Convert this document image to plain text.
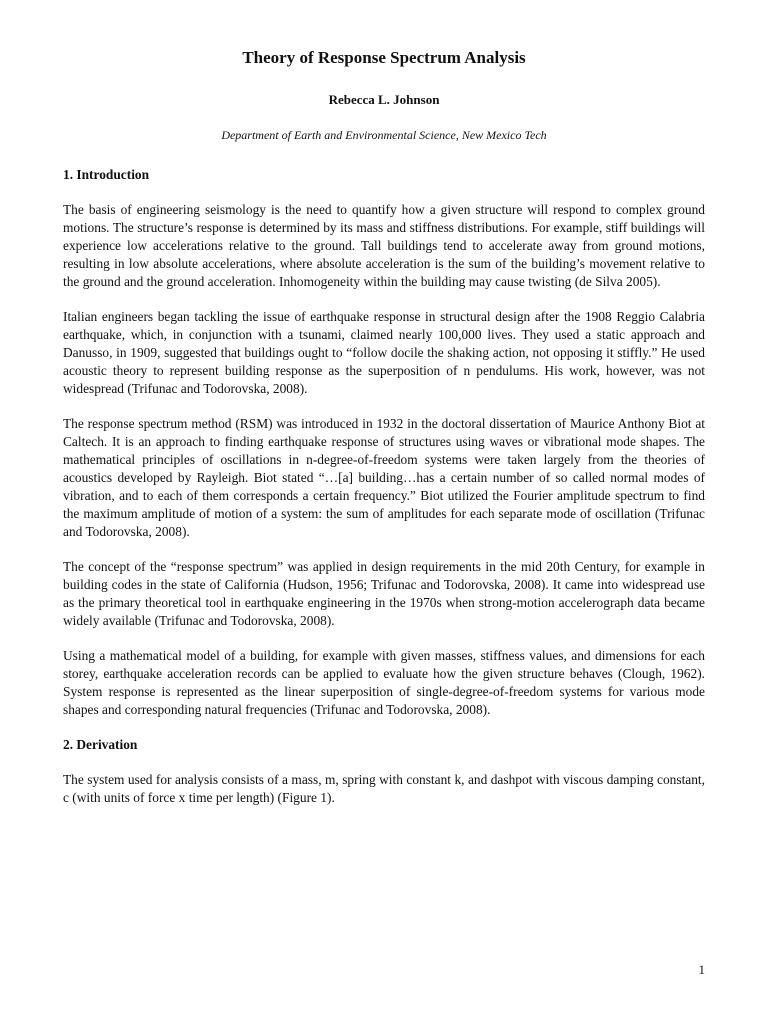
Theory of Response Spectrum Analysis
Rebecca L. Johnson
Department of Earth and Environmental Science, New Mexico Tech
1. Introduction

The basis of engineering seismology is the need to quantify how a given structure will respond to complex ground motions. The structure’s response is determined by its mass and stiffness distributions. For example, stiff buildings will experience low accelerations relative to the ground. Tall buildings tend to accelerate away from ground motions, resulting in low absolute accelerations, where absolute acceleration is the sum of the building’s movement relative to the ground and the ground acceleration. Inhomogeneity within the building may cause twisting (de Silva 2005).

Italian engineers began tackling the issue of earthquake response in structural design after the 1908 Reggio Calabria earthquake, which, in conjunction with a tsunami, claimed nearly 100,000 lives. They used a static approach and Danusso, in 1909, suggested that buildings ought to “follow docile the shaking action, not opposing it stiffly.” He used acoustic theory to represent building response as the superposition of n pendulums. His work, however, was not widespread (Trifunac and Todorovska, 2008).

The response spectrum method (RSM) was introduced in 1932 in the doctoral dissertation of Maurice Anthony Biot at Caltech. It is an approach to finding earthquake response of structures using waves or vibrational mode shapes. The mathematical principles of oscillations in n-degree-of-freedom systems were taken largely from the theories of acoustics developed by Rayleigh. Biot stated “…[a] building…has a certain number of so called normal modes of vibration, and to each of them corresponds a certain frequency.” Biot utilized the Fourier amplitude spectrum to find the maximum amplitude of motion of a system: the sum of amplitudes for each separate mode of oscillation (Trifunac and Todorovska, 2008).

The concept of the “response spectrum” was applied in design requirements in the mid 20th Century, for example in building codes in the state of California (Hudson, 1956; Trifunac and Todorovska, 2008). It came into widespread use as the primary theoretical tool in earthquake engineering in the 1970s when strong-motion accelerograph data became widely available (Trifunac and Todorovska, 2008).

Using a mathematical model of a building, for example with given masses, stiffness values, and dimensions for each storey, earthquake acceleration records can be applied to evaluate how the given structure behaves (Clough, 1962). System response is represented as the linear superposition of single-degree-of-freedom systems for various mode shapes and corresponding natural frequencies (Trifunac and Todorovska, 2008).

2. Derivation

The system used for analysis consists of a mass, m, spring with constant k, and dashpot with viscous damping constant, c (with units of force x time per length) (Figure 1).

1
